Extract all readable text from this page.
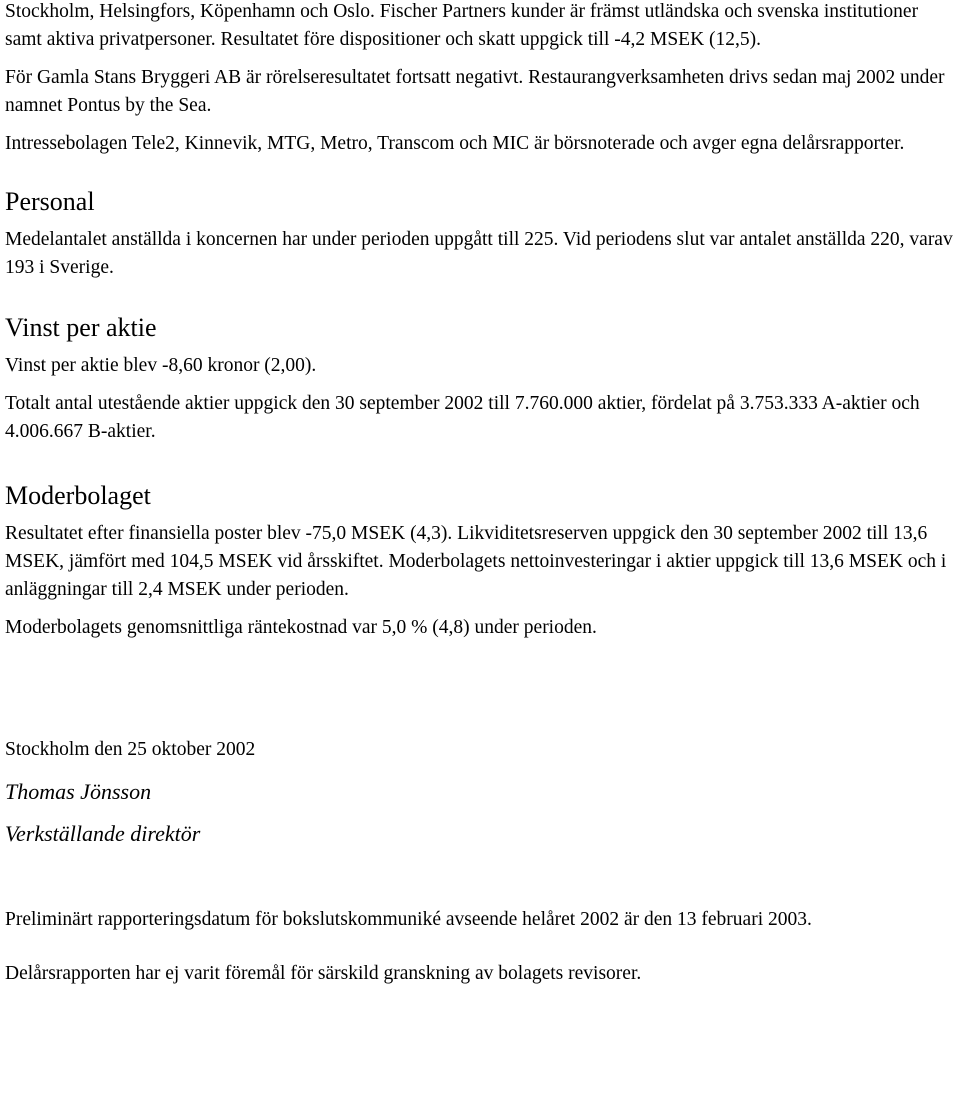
Stockholm, Helsingfors, Köpenhamn och Oslo. Fischer Partners kunder är främst utländska och svenska institutioner samt aktiva privatpersoner. Resultatet före dispositioner och skatt uppgick till -4,2 MSEK (12,5).

För Gamla Stans Bryggeri AB är rörelseresultatet fortsatt negativt. Restaurangverksamheten drivs sedan maj 2002 under namnet Pontus by the Sea.

Intressebolagen Tele2, Kinnevik, MTG, Metro, Transcom och MIC är börsnoterade och avger egna delårsrapporter.

Personal

Medelantalet anställda i koncernen har under perioden uppgått till 225. Vid periodens slut var antalet anställda 220, varav 193 i Sverige.

Vinst per aktie

Vinst per aktie blev -8,60 kronor (2,00).

Totalt antal utestående aktier uppgick den 30 september 2002 till 7.760.000 aktier, fördelat på 3.753.333 A-aktier och 4.006.667 B-aktier.

Moderbolaget

Resultatet efter finansiella poster blev -75,0 MSEK (4,3). Likviditetsreserven uppgick den 30 september 2002 till 13,6 MSEK, jämfört med 104,5 MSEK vid årsskiftet. Moderbolagets nettoinvesteringar i aktier uppgick till 13,6 MSEK och i anläggningar till 2,4 MSEK under perioden.

Moderbolagets genomsnittliga räntekostnad var 5,0 % (4,8) under perioden.

Stockholm den 25 oktober 2002

Thomas Jönsson

Verkställande direktör

Preliminärt rapporteringsdatum för bokslutskommuniké avseende helåret 2002 är den 13 februari 2003.

Delårsrapporten har ej varit föremål för särskild granskning av bolagets revisorer.
